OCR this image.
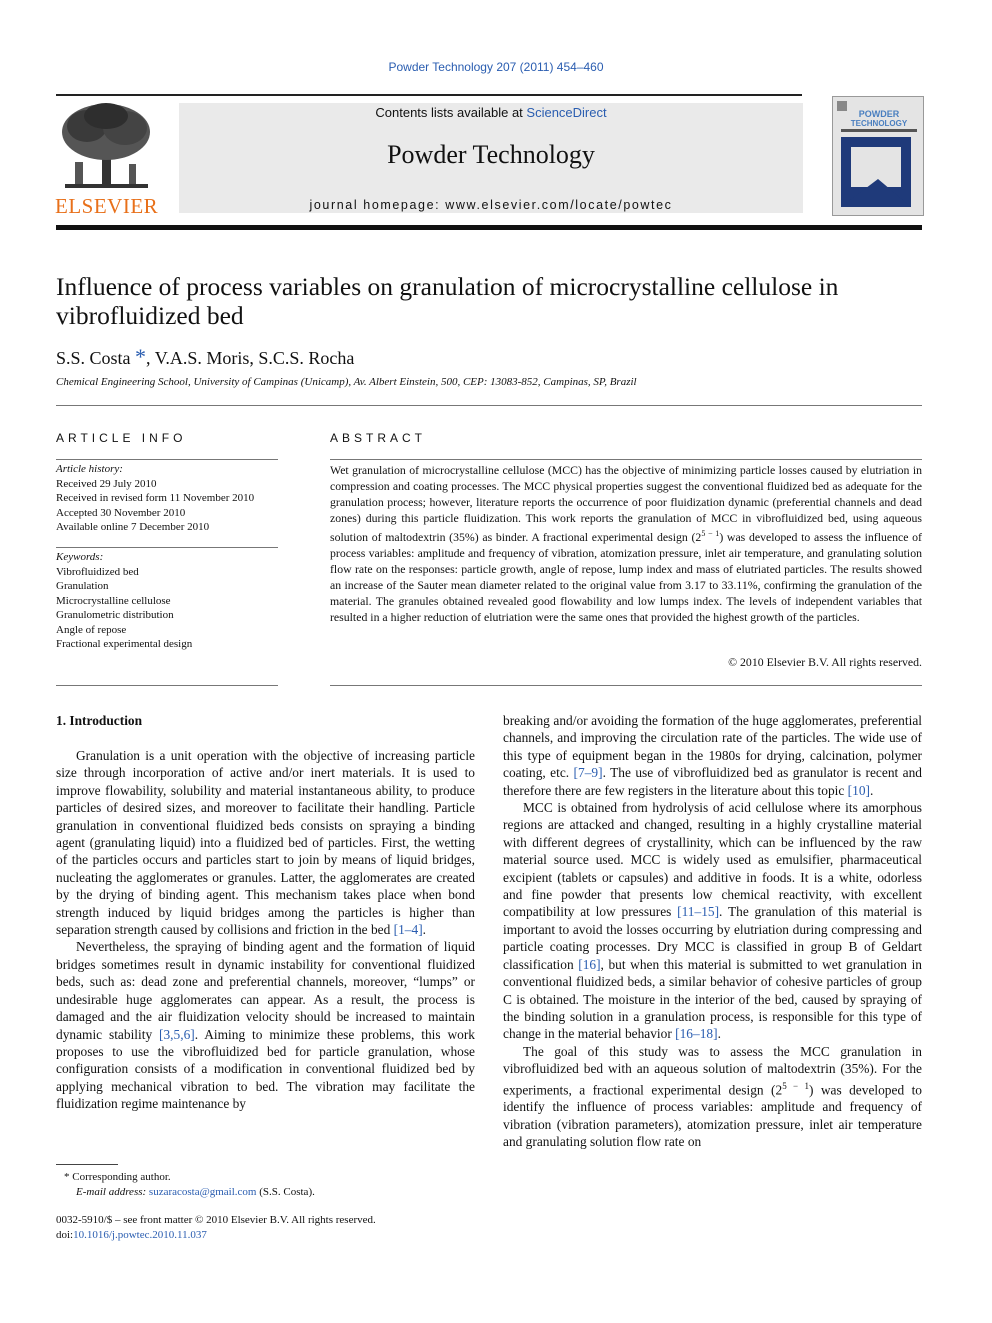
Powder Technology 207 (2011) 454–460
ELSEVIER
Contents lists available at ScienceDirect
Powder Technology
journal homepage: www.elsevier.com/locate/powtec
POWDER
TECHNOLOGY
Influence of process variables on granulation of microcrystalline cellulose in vibrofluidized bed
S.S. Costa *, V.A.S. Moris, S.C.S. Rocha
Chemical Engineering School, University of Campinas (Unicamp), Av. Albert Einstein, 500, CEP: 13083-852, Campinas, SP, Brazil
ARTICLE INFO
Article history:
Received 29 July 2010
Received in revised form 11 November 2010
Accepted 30 November 2010
Available online 7 December 2010
Keywords:
Vibrofluidized bed
Granulation
Microcrystalline cellulose
Granulometric distribution
Angle of repose
Fractional experimental design
ABSTRACT
Wet granulation of microcrystalline cellulose (MCC) has the objective of minimizing particle losses caused by elutriation in compression and coating processes. The MCC physical properties suggest the conventional fluidized bed as adequate for the granulation process; however, literature reports the occurrence of poor fluidization dynamic (preferential channels and dead zones) during this particle fluidization. This work reports the granulation of MCC in vibrofluidized bed, using aqueous solution of maltodextrin (35%) as binder. A fractional experimental design $(2^{5 - 1})$ was developed to assess the influence of process variables: amplitude and frequency of vibration, atomization pressure, inlet air temperature, and granulating solution flow rate on the responses: particle growth, angle of repose, lump index and mass of elutriated particles. The results showed an increase of the Sauter mean diameter related to the original value from 3.17 to 33.11%, confirming the granulation of the material. The granules obtained revealed good flowability and low lumps index. The levels of independent variables that resulted in a higher reduction of elutriation were the same ones that provided the highest growth of the particles.
© 2010 Elsevier B.V. All rights reserved.
1. Introduction

Granulation is a unit operation with the objective of increasing particle size through incorporation of active and/or inert materials. It is used to improve flowability, solubility and material instantaneous ability, to produce particles of desired sizes, and moreover to facilitate their handling. Particle granulation in conventional fluidized beds consists on spraying a binding agent (granulating liquid) into a fluidized bed of particles. First, the wetting of the particles occurs and particles start to join by means of liquid bridges, nucleating the agglomerates or granules. Latter, the agglomerates are created by the drying of binding agent. This mechanism takes place when bond strength induced by liquid bridges among the particles is higher than separation strength caused by collisions and friction in the bed [1–4].

Nevertheless, the spraying of binding agent and the formation of liquid bridges sometimes result in dynamic instability for conventional fluidized beds, such as: dead zone and preferential channels, moreover, “lumps” or undesirable huge agglomerates can appear. As a result, the process is damaged and the air fluidization velocity should be increased to maintain dynamic stability [3,5,6]. Aiming to minimize these problems, this work proposes to use the vibrofluidized bed for particle granulation, whose configuration consists of a modification in conventional fluidized bed by applying mechanical vibration to bed. The vibration may facilitate the fluidization regime maintenance by

breaking and/or avoiding the formation of the huge agglomerates, preferential channels, and improving the circulation rate of the particles. The wide use of this type of equipment began in the 1980s for drying, calcination, polymer coating, etc. [7–9]. The use of vibrofluidized bed as granulator is recent and therefore there are few registers in the literature about this topic [10].

MCC is obtained from hydrolysis of acid cellulose where its amorphous regions are attacked and changed, resulting in a highly crystalline material with different degrees of crystallinity, which can be influenced by the raw material source used. MCC is widely used as emulsifier, pharmaceutical excipient (tablets or capsules) and additive in foods. It is a white, odorless and fine powder that presents low chemical reactivity, with excellent compatibility at low pressures [11–15]. The granulation of this material is important to avoid the losses occurring by elutriation during compressing and particle coating processes. Dry MCC is classified in group B of Geldart classification [16], but when this material is submitted to wet granulation in conventional fluidized beds, a similar behavior of cohesive particles of group C is obtained. The moisture in the interior of the bed, caused by spraying of the binding solution in a granulation process, is responsible for this type of change in the material behavior [16–18].

The goal of this study was to assess the MCC granulation in vibrofluidized bed with an aqueous solution of maltodextrin (35%). For the experiments, a fractional experimental design $(2^{5 - 1})$ was developed to identify the influence of process variables: amplitude and frequency of vibration (vibration parameters), atomization pressure, inlet air temperature and granulating solution flow rate on

* Corresponding author.
E-mail address: suzaracosta@gmail.com (S.S. Costa).
0032-5910/$ – see front matter © 2010 Elsevier B.V. All rights reserved.
doi:10.1016/j.powtec.2010.11.037
